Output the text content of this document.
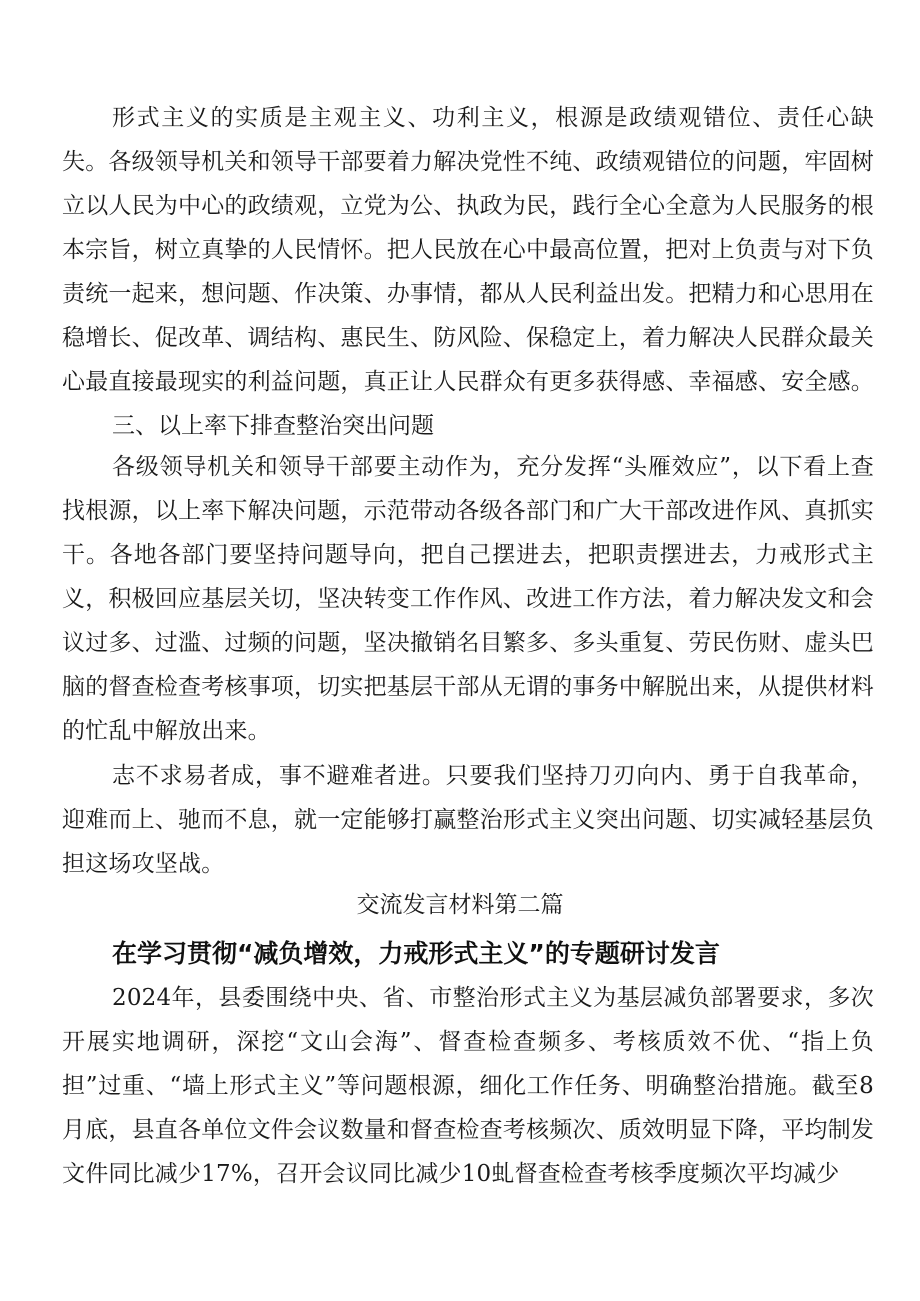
形式主义的实质是主观主义、功利主义，根源是政绩观错位、责任心缺失。各级领导机关和领导干部要着力解决党性不纯、政绩观错位的问题，牢固树立以人民为中心的政绩观，立党为公、执政为民，践行全心全意为人民服务的根本宗旨，树立真挚的人民情怀。把人民放在心中最高位置，把对上负责与对下负责统一起来，想问题、作决策、办事情，都从人民利益出发。把精力和心思用在稳增长、促改革、调结构、惠民生、防风险、保稳定上，着力解决人民群众最关心最直接最现实的利益问题，真正让人民群众有更多获得感、幸福感、安全感。

三、以上率下排查整治突出问题

各级领导机关和领导干部要主动作为，充分发挥“头雁效应”，以下看上查找根源，以上率下解决问题，示范带动各级各部门和广大干部改进作风、真抓实干。各地各部门要坚持问题导向，把自己摆进去，把职责摆进去，力戒形式主义，积极回应基层关切，坚决转变工作作风、改进工作方法，着力解决发文和会议过多、过滥、过频的问题，坚决撤销名目繁多、多头重复、劳民伤财、虚头巴脑的督查检查考核事项，切实把基层干部从无谓的事务中解脱出来，从提供材料的忙乱中解放出来。

志不求易者成，事不避难者进。只要我们坚持刀刃向内、勇于自我革命，迎难而上、驰而不息，就一定能够打赢整治形式主义突出问题、切实减轻基层负担这场攻坚战。

交流发言材料第二篇

在学习贯彻“减负增效，力戒形式主义”的专题研讨发言

2024年，县委围绕中央、省、市整治形式主义为基层减负部署要求，多次开展实地调研，深挖“文山会海”、督查检查频多、考核质效不优、“指上负担”过重、“墙上形式主义”等问题根源，细化工作任务、明确整治措施。截至8月底，县直各单位文件会议数量和督查检查考核频次、质效明显下降，平均制发文件同比减少17%，召开会议同比减少10虬督查检查考核季度频次平均减少
